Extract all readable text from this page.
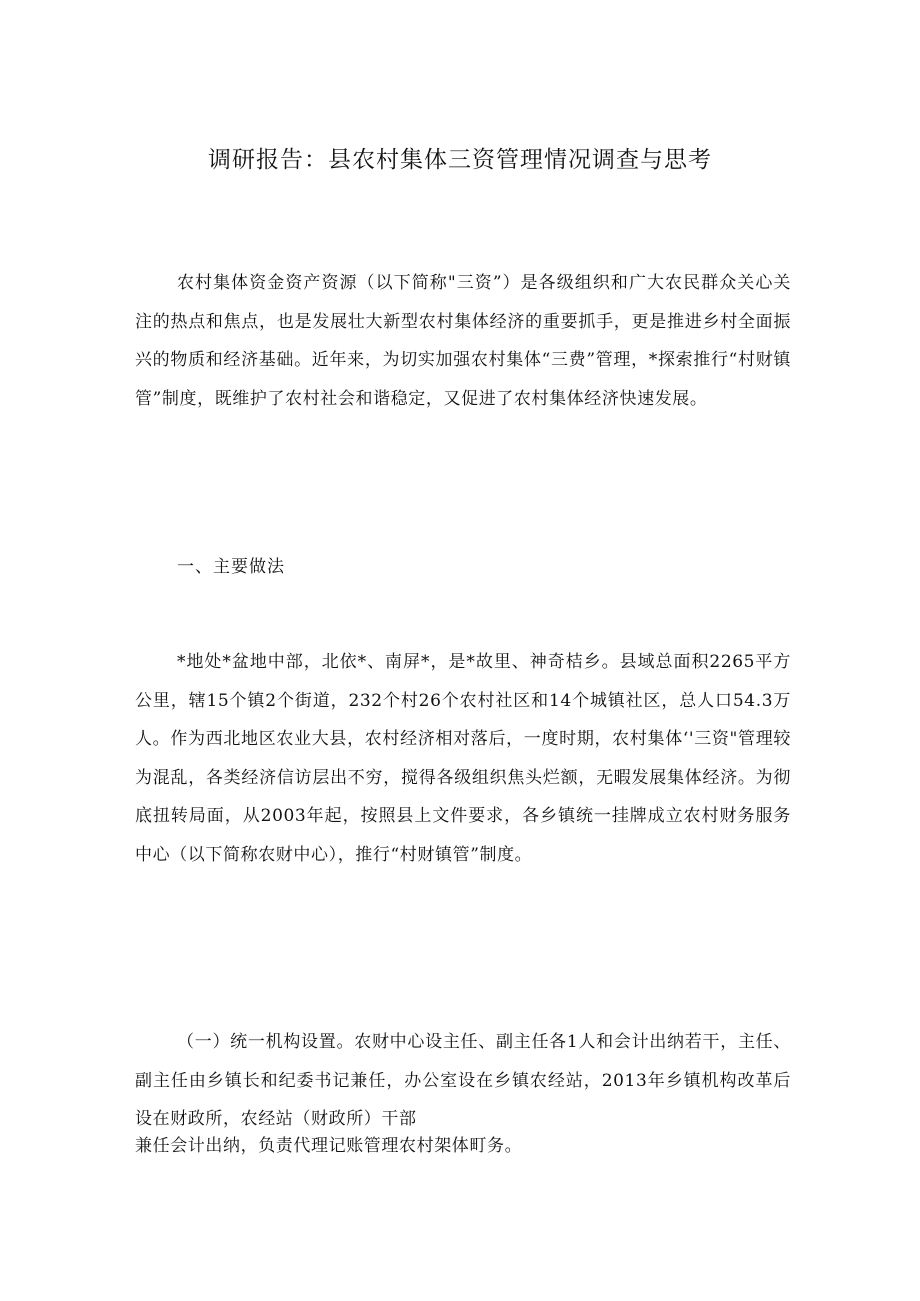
调研报告：县农村集体三资管理情况调查与思考

农村集体资金资产资源（以下简称"三资”）是各级组织和广大农民群众关心关注的热点和焦点，也是发展壮大新型农村集体经济的重要抓手，更是推进乡村全面振兴的物质和经济基础。近年来，为切实加强农村集体“三费”管理，*探索推行“村财镇管”制度，既维护了农村社会和谐稳定，又促进了农村集体经济快速发展。

一、主要做法

*地处*盆地中部，北依*、南屏*，是*故里、神奇桔乡。县域总面积2265平方公里，辖15个镇2个街道，232个村26个农村社区和14个城镇社区，总人口54.3万人。作为西北地区农业大县，农村经济相对落后，一度时期，农村集体‘'三资"管理较为混乱，各类经济信访层出不穷，搅得各级组织焦头烂额，无暇发展集体经济。为彻底扭转局面，从2003年起，按照县上文件要求，各乡镇统一挂牌成立农村财务服务中心（以下简称农财中心），推行“村财镇管”制度。

（一）统一机构设置。农财中心设主任、副主任各1人和会计出纳若干，主任、副主任由乡镇长和纪委书记兼任，办公室设在乡镇农经站，2013年乡镇机构改革后设在财政所，农经站（财政所）干部

兼任会计出纳，负责代理记账管理农村架体町务。
